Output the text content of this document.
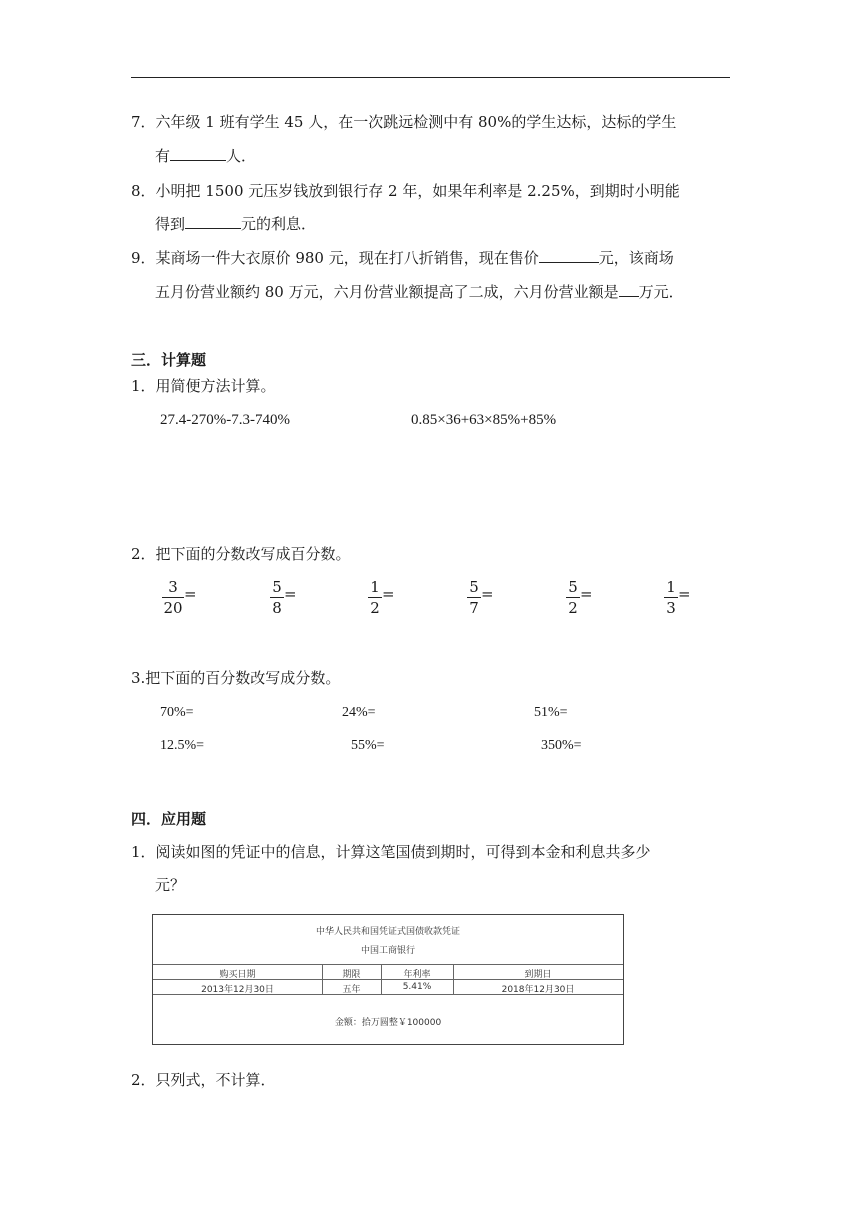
7．六年级 1 班有学生 45 人，在一次跳远检测中有 80%的学生达标，达标的学生
有	人．
8．小明把 1500 元压岁钱放到银行存 2 年，如果年利率是 2.25%，到期时小明能
得到	元的利息．
9．某商场一件大衣原价 980 元，现在打八折销售，现在售价	元，该商场
五月份营业额约 80 万元，六月份营业额提高了二成，六月份营业额是 万元．
三．计算题
1．用简便方法计算。
27.4-270%-7.3-740%	0.85×36+63×85%+85%
2．把下面的分数改写成百分数。
3
20
=	5
8
=	1
2
=	5
7
=	5
2
=	1
3
=
3.把下面的百分数改写成分数。
70%=	24%=	51%=
12.5%=	55%=	350%=
四．应用题
1．阅读如图的凭证中的信息，计算这笔国债到期时，可得到本金和利息共多少
元？
中华人民共和国凭证式国债收款凭证
中国工商银行
购买日期	期限	年利率	到期日
2013年12月30日	五年	5.41%	2018年12月30日
金额：拾万圆整￥100000
2．只列式，不计算．
